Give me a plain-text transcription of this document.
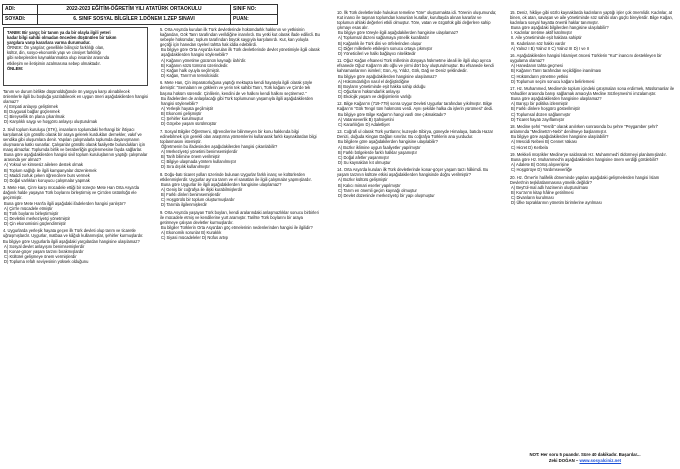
ADI:	2022-2023 EĞİTİM-ÖĞRETİM YILI ATATÜRK ORTAOKULU	SINIF NO:
SOYADI:	6. SINIF SOSYAL BİLGİLER 1.DÖNEM 1.ZEP SINAVI	PUAN:

TANIM: Bir yargı; bir tanım ya da bir olayla ilgili yeteri

kadar bilgi sahibi olmadan önceden düşünülen bir takım

yargılara varıp kararlara varma durumudur.

ÖRNEK: Ön yargılar; genellikle bilinçsiz farklılığı olan,

kültür, din, sosyo-ekonomik yapı ve cinsiyet farklılığı

gibi sebeplerden kaynaklanmakta olup insanlar arasında

etkileşim ve iletişimin azalmasına sebep olmaktadır.

ÖNLEM:

Tanım ve durum birlikte düşünüldüğünde ön yargıya karşı alınabilecek önlemlerle ilgili bu boşluğa yazılabilecek en uygun öneri aşağıdakilerden hangisi olamaz?
A) Empati anlayışı geliştirmek
B) Duygusal bağlar güçlenmek
C) Bireysellik ön plana çıkarılmak
D) Karşılıklı saygı ve hoşgörü anlayışı oluşturulmak
2. Sivil toplum kuruluşu (STK), insanların toplumdaki herhangi bir ihtiyacı karşılamak için gönüllü olarak bir araya gelerek kurdukları dernekler, vakıf ve sendika gibi oluşumlara denir. Yapılan çalışmalarla toplumda dayanışmanın oluşmasına katkı sunarlar. Çalışanlar gönüllü olarak faaliyette bulundukları için maaş almazlar. Toplumda birlik ve beraberliğin güçlenmesine fayda sağlarlar.
Buna göre aşağıdakilerden hangisi sivil toplum kuruluşlarının yaptığı çalışmalar arasında yer almaz?
A) Yoksul ve kimsesiz ailelere destek olmak
B) Toplum sağlığı ile ilgili kampanyalar düzenlemek
C) Maddi zorluk çeken öğrencilere burs vermek
D) Doğal varlıkları koruyucu çalışmalar yapmak
3. Mete Han, Çin'e karşı mücadele ettiği bir süreçte Mete Han Orta Asya'da dağınık halde yaşayan Türk boylarını birleştirmiş ve Çin'den üstünlüğü ele geçirmiştir.
Buna göre Mete Han'la ilgili aşağıdaki ifadelerden hangisi yanlıştır?
A) Çin'le mücadele etmiştir
B) Türk boylarını birleştirmiştir
C) Devletini merkeziyetçi yönetmiştir
D) Çin ekonomisini güçlendirmiştir
4. Uygurlarda yerleşik hayata geçen ilk Türk devleti olup tarım ve ticaretle uğraşmışlardır. Uygurlar, matbaa ve kâğıdı kullanmışlar, şehirler kurmuşlardır. Bu bilgiye göre Uygurlarla ilgili aşağıdaki yargılardan hangisine ulaşılamaz?
A) Sosyal devlet anlayışını benimsemişlerdir
B) Konar-göçer yaşam tarzını bırakmışlardır
C) Kültürel gelişmeye önem vermişlerdir
D) Topluma refah seviyesinin yüksek olduğunu
5. Orta Asya'da kurulan ilk Türk devletlerinde hükümdarlık hakkının ve yetkisinin kağandan, Gök Tanrı tarafından verildiğine inanılırdı. Bu yetki kut olarak ifade edilirdi. Bu sebeple hükümdar, toplum tarafından büyük saygıyla karşılanırdı. Kut, kan yoluyla geçtiği için hanedan üyeleri tahtta hak iddia edebilirdi.
Bu bilgiye göre Orta Asya'da kurulan ilk Türk devletlerinde devlet yönetimiyle ilgili olarak aşağıdakilerden hangisi söylenebilir?
A) Kağanın yönetime gücünün kaynağı ilahi'dir.
B) Kağanın sözü tümünü üzerindedir.
C) Kağan halk oyuyla seçilmiştir.
D) Kağan, Tanrı'nın temsilcisidir.
6. Mete Han, Çin imparatorluğuna yaptığı mektupta kendi hayatıyla ilgili olarak şöyle demiştir: "Semaların ve göklerin ve yerin tek sahibi Tanrı, Türk kağanı ve Çin'de tek başına hüküm sürendir. Çinlilerin, kendini de ve halkını kendi halkını seçtiremez."
Bu ifadelerden de anlaşılacağı gibi Türk toplumunun yaşamıyla ilgili aşağıdakilerden hangisi söylenebilir?
A) Yerleşik hayata geçilmiştir
B) Ekonomi gelişmiştir
C) Şehirler kurulmuştur
D) Göçebe yaşam sürülmüştür
7. Sosyal Bilgiler Öğretmeni, öğrencilerine bilinmeyen bir konu hakkında bilgi edinebilmek için gerekli olan araştırma yöntemlerini kullanarak farklı kaynaklardan bilgi toplanmasını istemiştir.
Öğretmenin bu ifadesinden aşağıdakilerden hangisi çıkarılabilir?
A) Merkeziyetçi yönetimi benimsemişlerdir
B) Tarih bilimine önem verilmiştir
C) Bilgiye ulaşmada yöntem kullanılmıştır
D) Sıra dışılık kullanılmıştır
8. Doğu-batı ticaret yolları üzerinde bulunan Uygurlar farklı inanç ve kültürlerden etkilenmişlerdir. Uygurlar ayrıca tarım ve el sanatları ile ilgili çalışmalar yapmışlardır.
Buna göre Uygurlar ile ilgili aşağıdakilerden hangisine ulaşılamaz?
A) Geniş bir coğrafya ile ilişki kurabilmişlerdir
B) Farklı dinleri benimsemişlerdir
C) Hoşgörülü bir toplum oluşturmuşlardır
D) Tarımla ilgilenmişlerdir
9. Orta Asya'da yaşayan Türk boyları, kendi aralarındaki anlaşmazlıklar sonucu birbirleri ile mücadele etmiş ve kendilerine yurt aramıştır. Tarihte Türk boylarını bir araya getirmeye çalışan devletler kurmuşlardır.
Bu bilgiler Türklerin Orta Asya'dan göç etmelerinin nedenlerinden hangisi ile ilgilidir?
A) Ekonomik sorunlar B) Kuraklık
C) Siyasi mücadeleler D) Nüfus artışı
10. İlk Türk devletlerinde hukukun temeline "töre" oluşturmakta idi. Törenin oluşumunda; Kut inancı ile taşınan toplumdan kanunları kurallar, kurultayda alınan kararlar ve toplumun ahlaki değerleri etkili olmuştur. Töre, vatan ve özgürlük gibi değerlere sahip çıkmayı esas alır.
Bu bilgiye göre töreyle ilgili aşağıdakilerden hangisine ulaşılamaz?
A) Toplumsal düzeni sağlamaya yönelik kurallardır
B) Kağanlık ile Türk dini ve örfelerinden oluşur
C) Diğer milletlerle etkileşim sonucu ortaya çıkmıştır
D) Yöneticileri ve halkı bağlayıcı niteliktedir
11. Oğuz Kağan efsanesi Türk milletinin dünyaya hükmetme ideali ile ilgili olup ayrıca efsanede Oğuz Kağan'ın altı oğlu ve yirmi dört boy oluşturulmuştur. Bu efsanede kendi kahramanlarının isimleri; Gün, Ay, Yıldız, Gök, Dağ ve Deniz şeklindedir.
Bu bilgiye göre aşağıdakilerden hangisine ulaşılamaz?
A) Hükümdarlığın nasıl el değiştirdiğine
B) Boyların yönetiminde eşit hakka sahip olduğu
C) Oğuzların hükümdarlık anlayışı
D) Ekolojik yaşam ve değişimlerin varlığı
12. Bilge Kağan'ın (719-779) sonra Uygur Devleti Uygurlar tarafından yıkılmıştır. Bilge Kağan'ın "Gök Tengri tüm hükmünü verdi. Aynı şekilde halka da işlerin yürümesi" dedi.
Bu bilgiye göre Bilge Kağan'ın hangi vasfı öne çıkmaktadır?
A) Vatanseverlik B) Şahsiyetini
C) Kararlılığını D) Adaletliyet
13. Coğrafi ul olarak Türk yurtlarını; kuzeyde Sibirya, güneyde Himalaya, batıda Hazar Denizi, doğuda Kingan Dağları sınırlar. Bu coğrafya Türklerin ana yurdudur.
Bu bilgilere göre aşağıdakilerden hangisine ulaşılabilir?
A) Bozkır iklimine uygun faaliyetler yapılmıştır
B) Farklı bölgelerde farklı halklar yaşamıştır
C) Doğal afetler yaşanmıştır
D) Su kaynakları kıt olmuştur
14. Orta Asya'da kurulan ilk Türk devletlerinde konar-göçer yaşam tarzı hâkimdi. Bu yaşam tarzının kültüre etkisi aşağıdakilerden hangisinde doğru verilmiştir?
A) Bozkır kültürü gelişmiştir
B) Kalıcı mimari eserler yapılmıştır
C) Tarım en önemli geçim kaynağı olmuştur
D) Devlet düzeninde merkeziyetçi bir yapı oluşmuştur
15. Deniz, hikâye gibi sözlü kaynaklarda kadınların yaptığı işler çok önemlidir. Kadınlar, at binen, ok atan, savaşan ve aile yönetiminde söz sahibi olan güçlü bireylerdir. Bilge Kağan, kadınlara sosyal hayatta önemli haklar tanımıştır.
Buna göre aşağıdaki bilgilerden hangisine ulaşılabilir?
I. Kadınlar üretime aktif katılmıştır
II. Aile yönetiminde eşit haklara sahiptir
III. Kadınların söz hakkı vardır
A) Yalnız I B) Yalnız II C) Yalnız III D) I ve II
16. Aşağıdakilerden hangisi İslamiyet öncesi Türklerin "Kut" inancını destekleyen bir uygulama olamaz?
A) Hanedanın tahta geçmesi
B) Kağanın Tanrı tarafından seçildiğine inanılması
C) Hükümdarın yönetme yetkisi
D) Toplumun seçim sonucu kağanı belirlemesi
17. Hz. Muhammed, Medine'de toplum içindeki çatışmaları sona erdirmek, Müslümanlar ile Yahudiler arasında barışı sağlamak amacıyla Medine Sözleşmesi'ni imzalamıştır.
Buna göre aşağıdakilerden hangisine ulaşılamaz?
A) Barışçı bir politika izlenmiştir
B) Farklı dinlere hoşgörü gösterilmiştir
C) Toplumsal düzen sağlanmıştır
D) Ticaret hayatı zayıflamıştır
18. Medine şehri "Yesrib" olarak anılırken sonrasında bu şehre "Peygamber şehri" anlamında "Medinetü'n-Nebi" denilmeye başlanmıştır.
Bu bilgiye göre aşağıdakilerden hangisine ulaşılabilir?
A) Mescidi Nebevi B) Cennet Vakası
C) Hicret D) Kerbela
19. Mekkeli müşrikler Medine'ye saldırarak Hz. Muhammed'i öldürmeyi planlamışlardır.
Buna göre Hz. Muhammed'in aşağıdakilerden hangisine önem verdiği görülebilir?
A) Adalete B) Görüş alışverişine
C) Hoşgörüye D) Yardımseverliğe
20. Hz. Ömer'in halifelik döneminde yapılan aşağıdaki gelişmelerden hangisi İslam Devleti'nin teşkilatlanmasına yönelik değildir?
A) Beyt'ül-mal adlı hazinenin oluşturulması
B) Kur'an'ın kitap hâline getirilmesi
C) Divanların kurulması
D) Ülke topraklarının yönetim birimlerine ayrılması
NOT: Her soru 5 puandır. Süre 40 dakikadır. Başarılar...
Zeki DOĞAN – www.sosyalciniz.net
